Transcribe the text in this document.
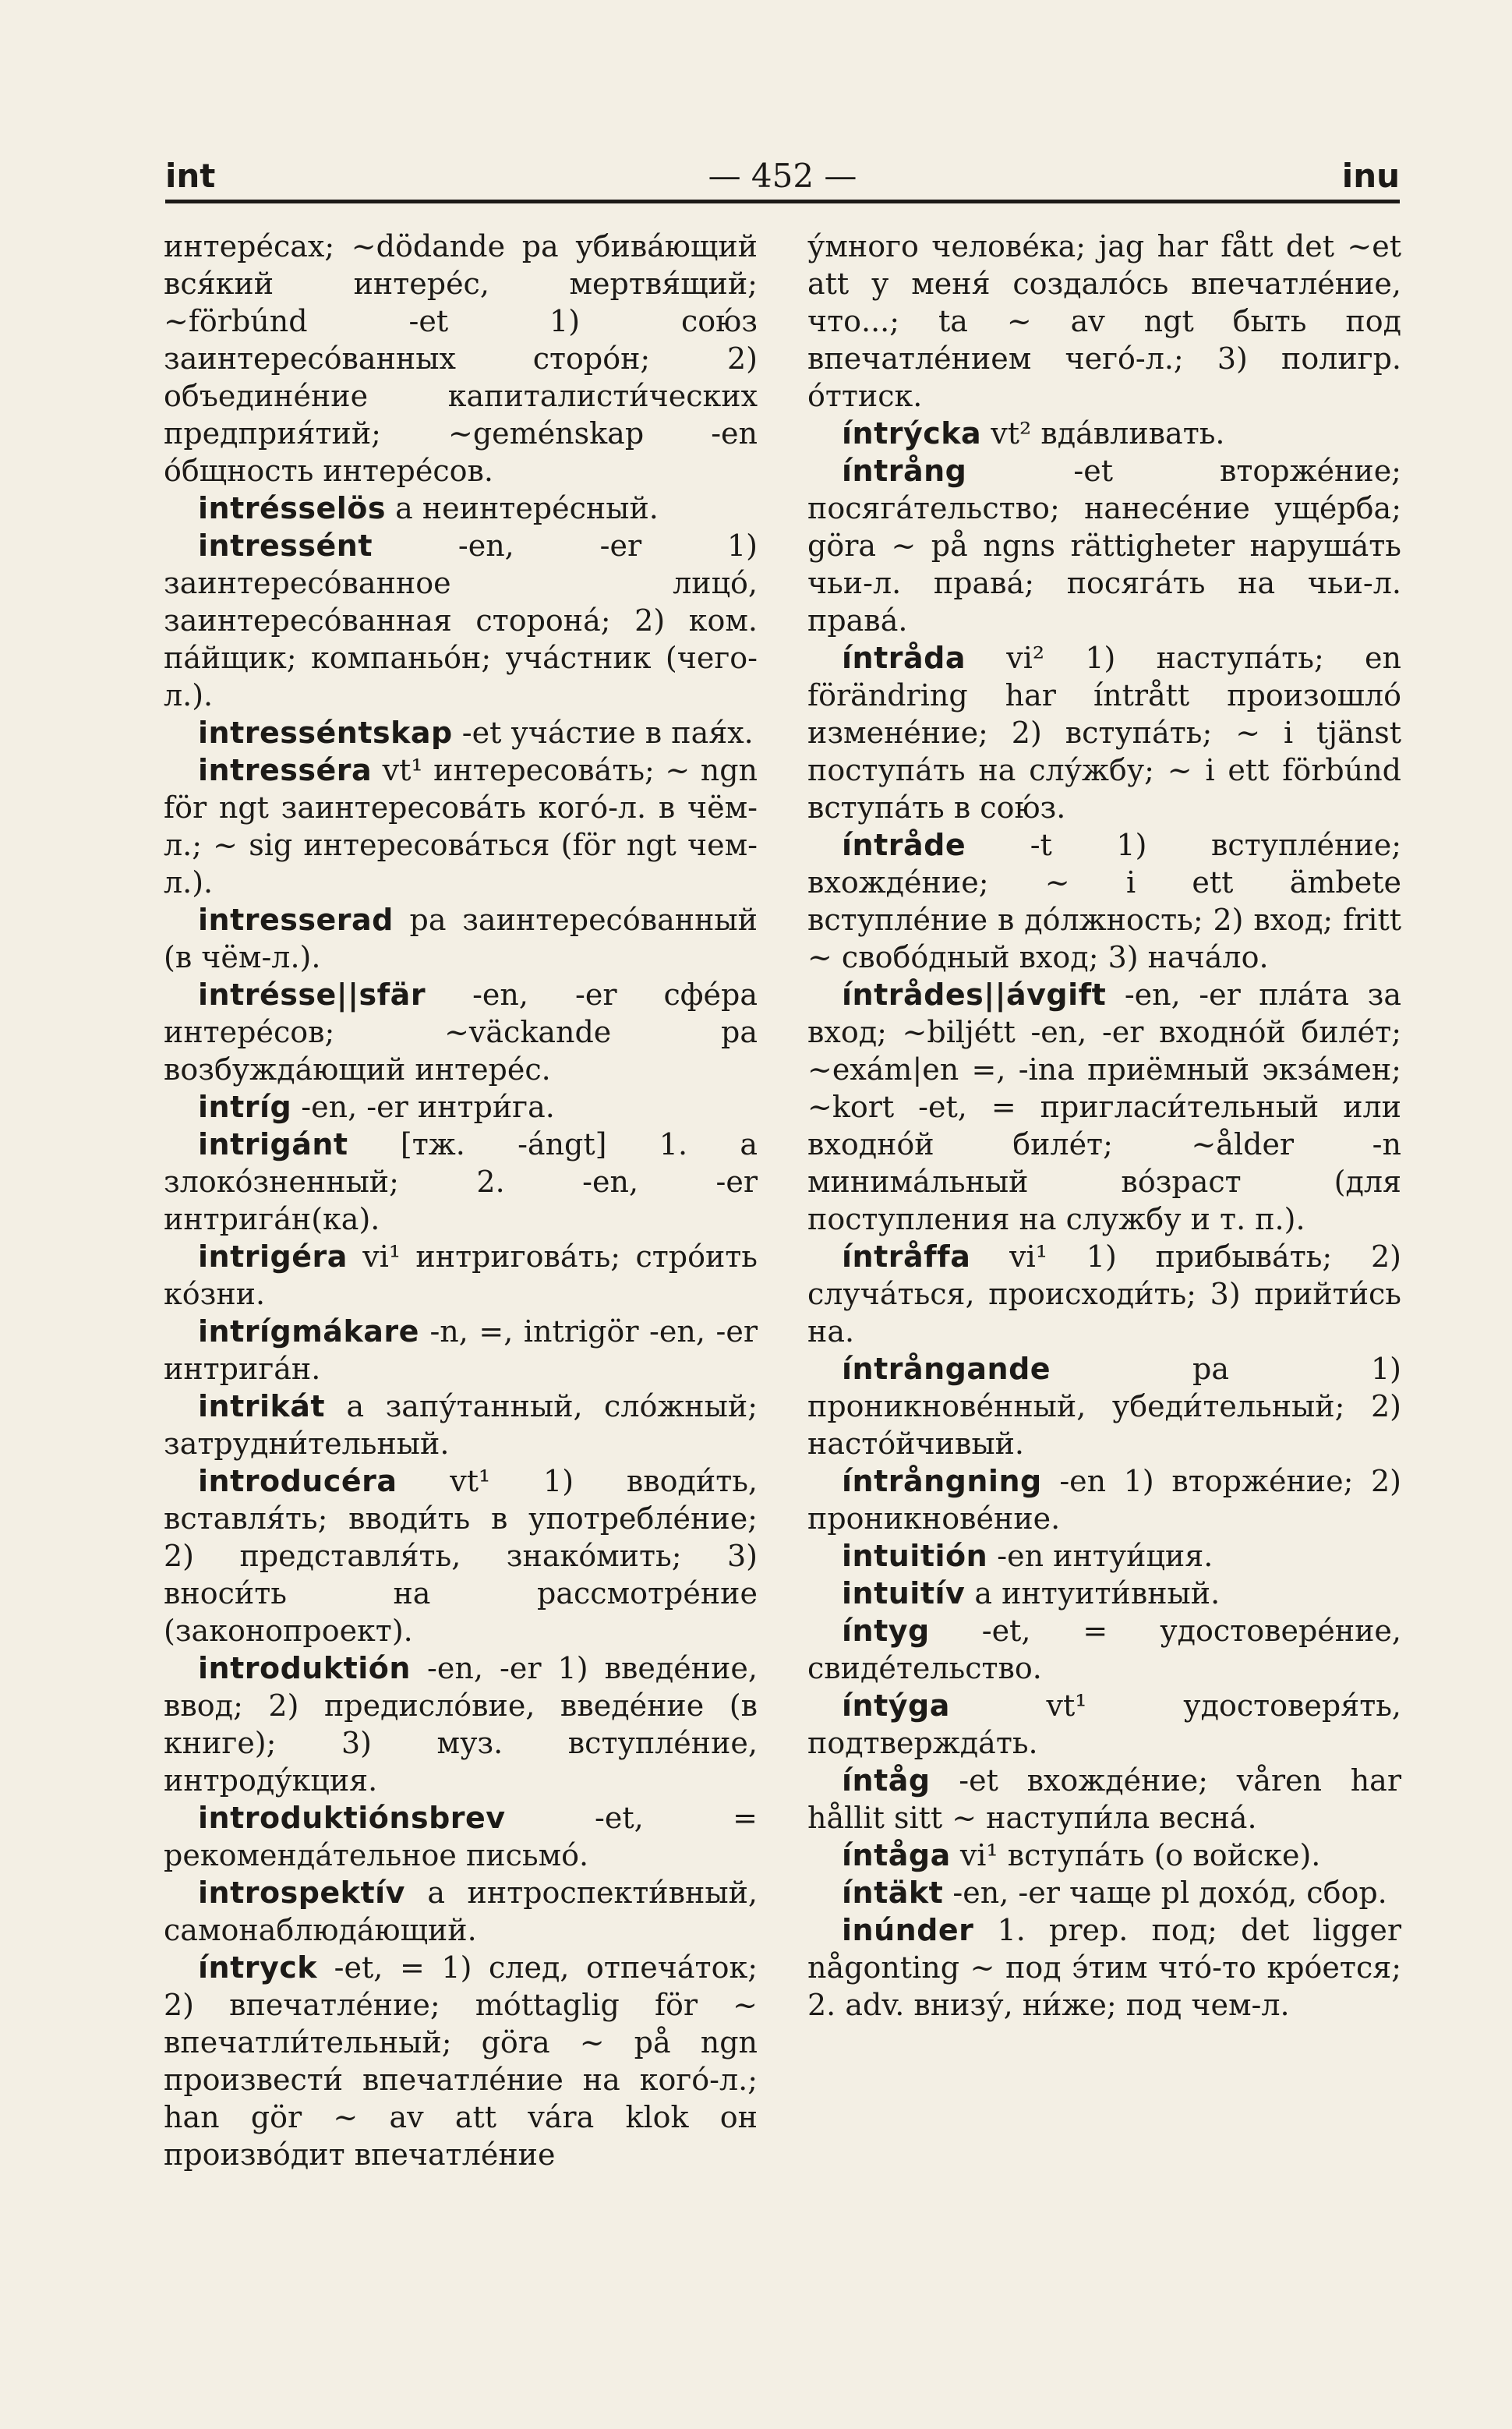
int	— 452 —	inu

интере́сах; ~dödande pa убива́ющий вся́кий интере́с, мертвя́щий; ~förbúnd -et 1) сою́з заинтересо́ванных сторо́н; 2) объедине́ние капиталисти́ческих предприя́тий; ~geménskap -en о́бщность интере́сов.

intrésselös a неинтере́сный.

intressént -en, -er 1) заинтересо́ванное лицо́, заинтересо́ванная сторона́; 2) ком. па́йщик; компаньо́н; уча́стник (чего-л.).

intresséntskap -et уча́стие в пая́х.

intresséra vt¹ интересова́ть; ~ ngn för ngt заинтересова́ть кого́-л. в чём-л.; ~ sig интересова́ться (för ngt чем-л.).

intresserad pa заинтересо́ванный (в чём-л.).

intrésse||sfär -en, -er сфе́ра интере́сов; ~väckande pa возбужда́ющий интере́с.

intríg -en, -er интри́га.

intrigánt [тж. -ángt] 1. a злоко́зненный; 2. -en, -er интрига́н(ка).

intrigéra vi¹ интригова́ть; стро́ить ко́зни.

intrígmákare -n, =, intrigör -en, -er интрига́н.

intrikát a запу́танный, сло́жный; затрудни́тельный.

introducéra vt¹ 1) вводи́ть, вставля́ть; вводи́ть в употребле́ние; 2) представля́ть, знако́мить; 3) вноси́ть на рассмотре́ние (законопроект).

introduktión -en, -er 1) введе́ние, ввод; 2) предисло́вие, введе́ние (в книге); 3) муз. вступле́ние, интроду́кция.

introduktiónsbrev -et, = рекоменда́тельное письмо́.

introspektív a интроспекти́вный, самонаблюда́ющий.

íntryck -et, = 1) след, отпеча́ток; 2) впечатле́ние; móttaglig för ~ впечатли́тельный; göra ~ på ngn произвести́ впечатле́ние на кого́-л.; han gör ~ av att vára klok он произво́дит впечатле́ние

у́много челове́ка; jag har fått det ~et att у меня́ создало́сь впечатле́ние, что...; ta ~ av ngt быть под впечатле́нием чего́-л.; 3) полигр. о́ттиск.

íntrýcka vt² вда́вливать.

íntrång -et вторже́ние; посяга́тельство; нанесе́ние уще́рба; göra ~ på ngns rättigheter наруша́ть чьи-л. права́; посяга́ть на чьи-л. права́.

íntråda vi² 1) наступа́ть; en förändring har íntrått произошло́ измене́ние; 2) вступа́ть; ~ i tjänst поступа́ть на слу́жбу; ~ i ett förbúnd вступа́ть в сою́з.

íntråde -t 1) вступле́ние; вхожде́ние; ~ i ett ämbete вступле́ние в до́лжность; 2) вход; fritt ~ свобо́дный вход; 3) нача́ло.

íntrådes||ávgift -en, -er пла́та за вход; ~biljétt -en, -er входно́й биле́т; ~exám|en =, -ina приёмный экза́мен; ~kort -et, = пригласи́тельный или входно́й биле́т; ~ålder -n минима́льный во́зраст (для поступления на службу и т. п.).

íntråffa vi¹ 1) прибыва́ть; 2) случа́ться, происходи́ть; 3) прийти́сь на.

íntrångande pa 1) проникнове́нный, убеди́тельный; 2) насто́йчивый.

íntrångning -en 1) вторже́ние; 2) проникнове́ние.

intuitión -en интуи́ция.

intuitív a интуити́вный.

íntyg -et, = удостовере́ние, свиде́тельство.

íntýga vt¹ удостоверя́ть, подтвержда́ть.

íntåg -et вхожде́ние; våren har hållit sitt ~ наступи́ла весна́.

íntåga vi¹ вступа́ть (о войске).

íntäkt -en, -er чаще pl дохо́д, сбор.

inúnder 1. prep. под; det ligger någonting ~ под э́тим что́-то кро́ется; 2. adv. внизу́, ни́же; под чем-л.
